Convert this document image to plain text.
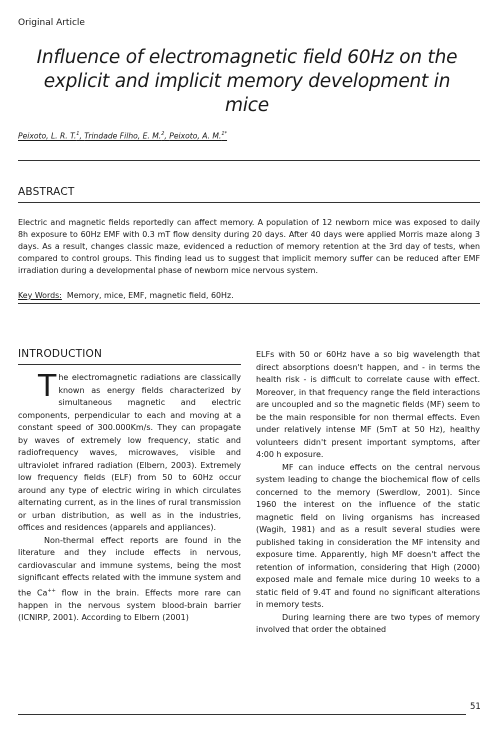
Original Article
Influence of electromagnetic field 60Hz on the explicit and implicit memory development in mice
Peixoto, L. R. T.$^1$, Trindade Filho, E. M.$^2$, Peixoto, A. M.$^{1*}$
ABSTRACT
Electric and magnetic fields reportedly can affect memory. A population of 12 newborn mice was exposed to daily 8h exposure to 60Hz EMF with 0.3 mT flow density during 20 days. After 40 days were applied Morris maze along 3 days. As a result, changes classic maze, evidenced a reduction of memory retention at the 3rd day of tests, when compared to control groups. This finding lead us to suggest that implicit memory suffer can be reduced after EMF irradiation during a developmental phase of newborn mice nervous system.
Key Words: Memory, mice, EMF, magnetic field, 60Hz.
INTRODUCTION

The electromagnetic radiations are classically known as energy fields characterized by simultaneous magnetic and electric components, perpendicular to each and moving at a constant speed of 300.000Km/s. They can propagate by waves of extremely low frequency, static and radiofrequency waves, microwaves, visible and ultraviolet infrared radiation (Elbern, 2003). Extremely low frequency fields (ELF) from 50 to 60Hz occur around any type of electric wiring in which circulates alternating current, as in the lines of rural transmission or urban distribution, as well as in the industries, offices and residences (apparels and appliances).

Non-thermal effect reports are found in the literature and they include effects in nervous, cardiovascular and immune systems, being the most significant effects related with the immune system and the Ca++ flow in the brain. Effects more rare can happen in the nervous system blood-brain barrier (ICNIRP, 2001). According to Elbern (2001)

ELFs with 50 or 60Hz have a so big wavelength that direct absorptions doesn't happen, and - in terms the health risk - is difficult to correlate cause with effect. Moreover, in that frequency range the field interactions are uncoupled and so the magnetic fields (MF) seem to be the main responsible for non thermal effects. Even under relatively intense MF (5mT at 50 Hz), healthy volunteers didn't present important symptoms, after 4:00 h exposure.

MF can induce effects on the central nervous system leading to change the biochemical flow of cells concerned to the memory (Swerdlow, 2001). Since 1960 the interest on the influence of the static magnetic field on living organisms has increased (Wagih, 1981) and as a result several studies were published taking in consideration the MF intensity and exposure time. Apparently, high MF doesn't affect the retention of information, considering that High (2000) exposed male and female mice during 10 weeks to a static field of 9.4T and found no significant alterations in memory tests.

During learning there are two types of memory involved that order the obtained

51
